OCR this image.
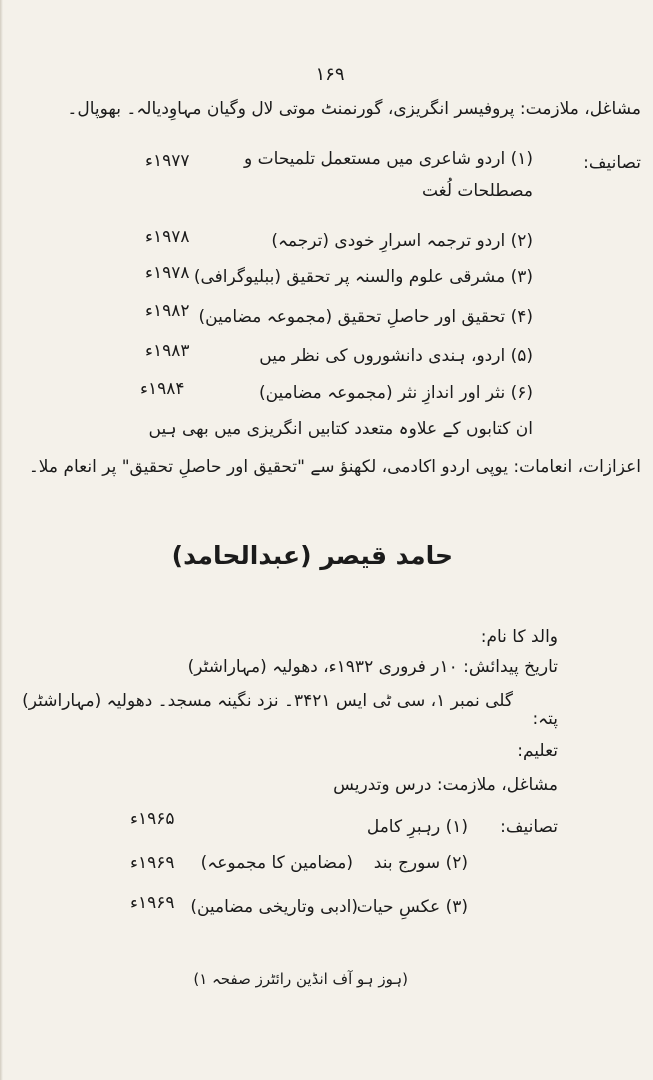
۱۶۹
مشاغل، ملازمت: پروفیسر انگریزی، گورنمنٹ موتی لال وگیان مہاوِدیالہ۔ بھوپال۔
تصانیف:
(۱) اردو شاعری میں مستعمل تلمیحات و
۱۹۷۷ء
مصطلحات لُغت
(۲) اردو ترجمہ اسرارِ خودی (ترجمہ)
۱۹۷۸ء
(۳) مشرقی علوم والسنہ پر تحقیق (ببلیوگرافی)
۱۹۷۸ء
(۴) تحقیق اور حاصلِ تحقیق (مجموعہ مضامین)
۱۹۸۲ء
(۵) اردو، ہندی دانشوروں کی نظر میں
۱۹۸۳ء
(۶) نثر اور اندازِ نثر (مجموعہ مضامین)
۱۹۸۴ء
ان کتابوں کے علاوہ متعدد کتابیں انگریزی میں بھی ہیں
اعزازات، انعامات: یوپی اردو اکادمی، لکھنؤ سے "تحقیق اور حاصلِ تحقیق" پر انعام ملا۔
حامد قیصر (عبدالحامد)
والد کا نام:
تاریخ پیدائش: ۱۰ر فروری ۱۹۳۲ء، دھولیہ (مہاراشٹر)
گلی نمبر ۱، سی ٹی ایس ۳۴۲۱۔ نزد نگینہ مسجد۔ دھولیہ (مہاراشٹر)
پتہ:
تعلیم:
مشاغل، ملازمت: درس وتدریس
تصانیف:
(۱) رہبرِ کامل
۱۹۶۵ء
(۲) سورج بند
(مضامین کا مجموعہ)
۱۹۶۹ء
(۳) عکسِ حیات
(ادبی وتاریخی مضامین)
۱۹۶۹ء
(ہوز ہو آف انڈین رائٹرز صفحہ ۱)
